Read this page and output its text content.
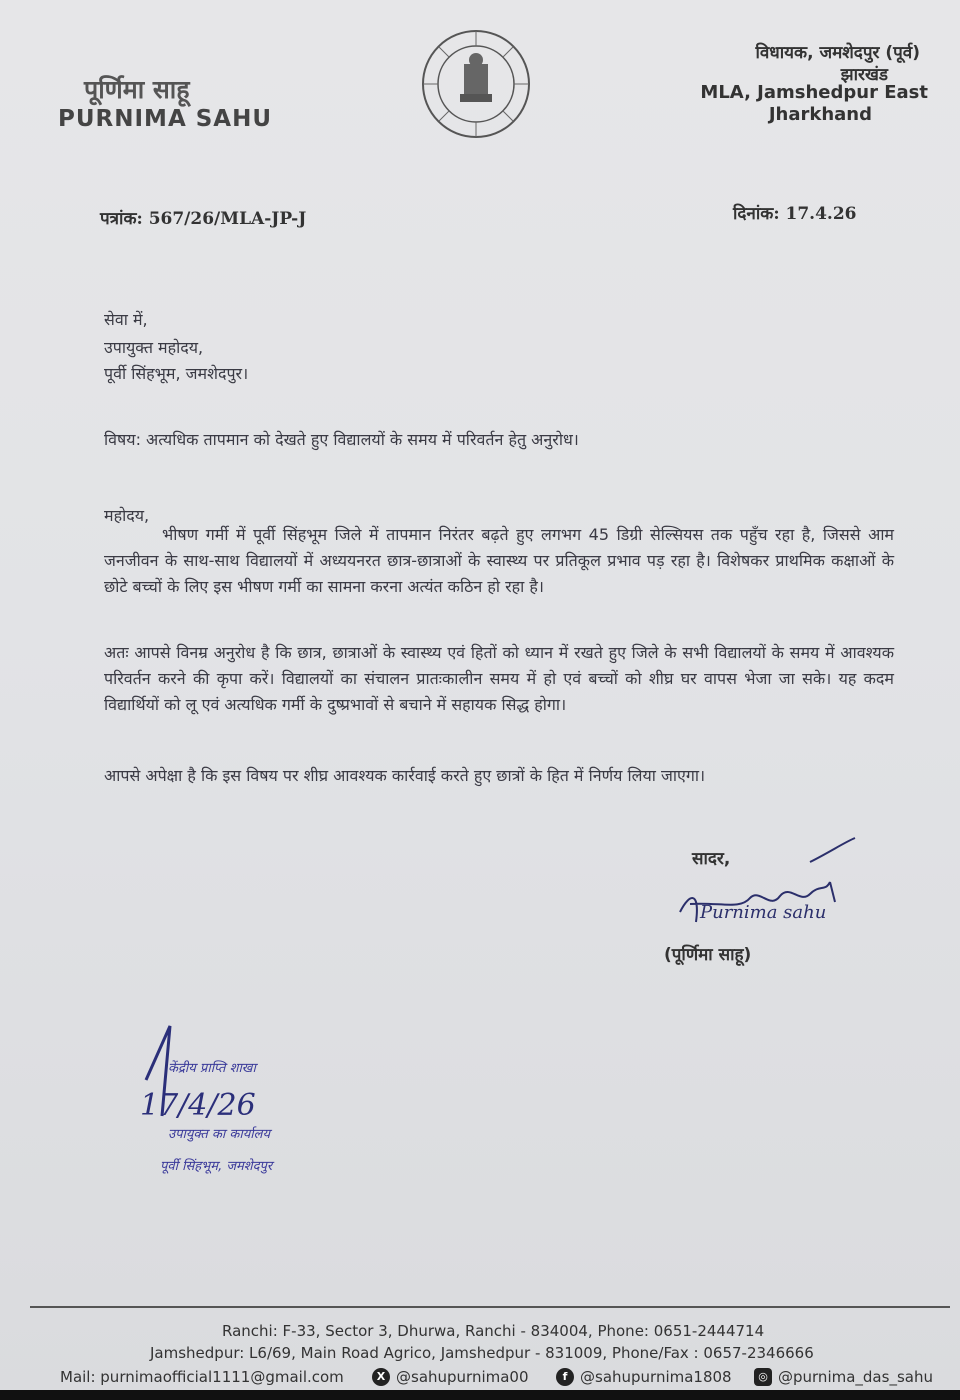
पूर्णिमा साहू
PURNIMA SAHU
विधायक, जमशेदपुर (पूर्व)
झारखंड
MLA, Jamshedpur East
Jharkhand
पत्रांक: 567/26/MLA-JP-J	दिनांक: 17.4.26
सेवा में,
उपायुक्त महोदय,
पूर्वी सिंहभूम, जमशेदपुर।
विषय: अत्यधिक तापमान को देखते हुए विद्यालयों के समय में परिवर्तन हेतु अनुरोध।
महोदय,
भीषण गर्मी में पूर्वी सिंहभूम जिले में तापमान निरंतर बढ़ते हुए लगभग 45 डिग्री सेल्सियस तक पहुँच रहा है, जिससे आम जनजीवन के साथ-साथ विद्यालयों में अध्ययनरत छात्र-छात्राओं के स्वास्थ्य पर प्रतिकूल प्रभाव पड़ रहा है। विशेषकर प्राथमिक कक्षाओं के छोटे बच्चों के लिए इस भीषण गर्मी का सामना करना अत्यंत कठिन हो रहा है।
अतः आपसे विनम्र अनुरोध है कि छात्र, छात्राओं के स्वास्थ्य एवं हितों को ध्यान में रखते हुए जिले के सभी विद्यालयों के समय में आवश्यक परिवर्तन करने की कृपा करें। विद्यालयों का संचालन प्रातःकालीन समय में हो एवं बच्चों को शीघ्र घर वापस भेजा जा सके। यह कदम विद्यार्थियों को लू एवं अत्यधिक गर्मी के दुष्प्रभावों से बचाने में सहायक सिद्ध होगा।
आपसे अपेक्षा है कि इस विषय पर शीघ्र आवश्यक कार्रवाई करते हुए छात्रों के हित में निर्णय लिया जाएगा।
सादर,
Purnima sahu
(पूर्णिमा साहू)
केंद्रीय प्राप्ति शाखा
17/4/26
उपायुक्त का कार्यालय
पूर्वी सिंहभूम, जमशेदपुर
Ranchi: F-33, Sector 3, Dhurwa, Ranchi - 834004, Phone: 0651-2444714
Jamshedpur: L6/69, Main Road Agrico, Jamshedpur - 831009, Phone/Fax : 0657-2346666
Mail: purnimaofficial1111@gmail.com	X @sahupurnima00	f @sahupurnima1808	◎ @purnima_das_sahu
